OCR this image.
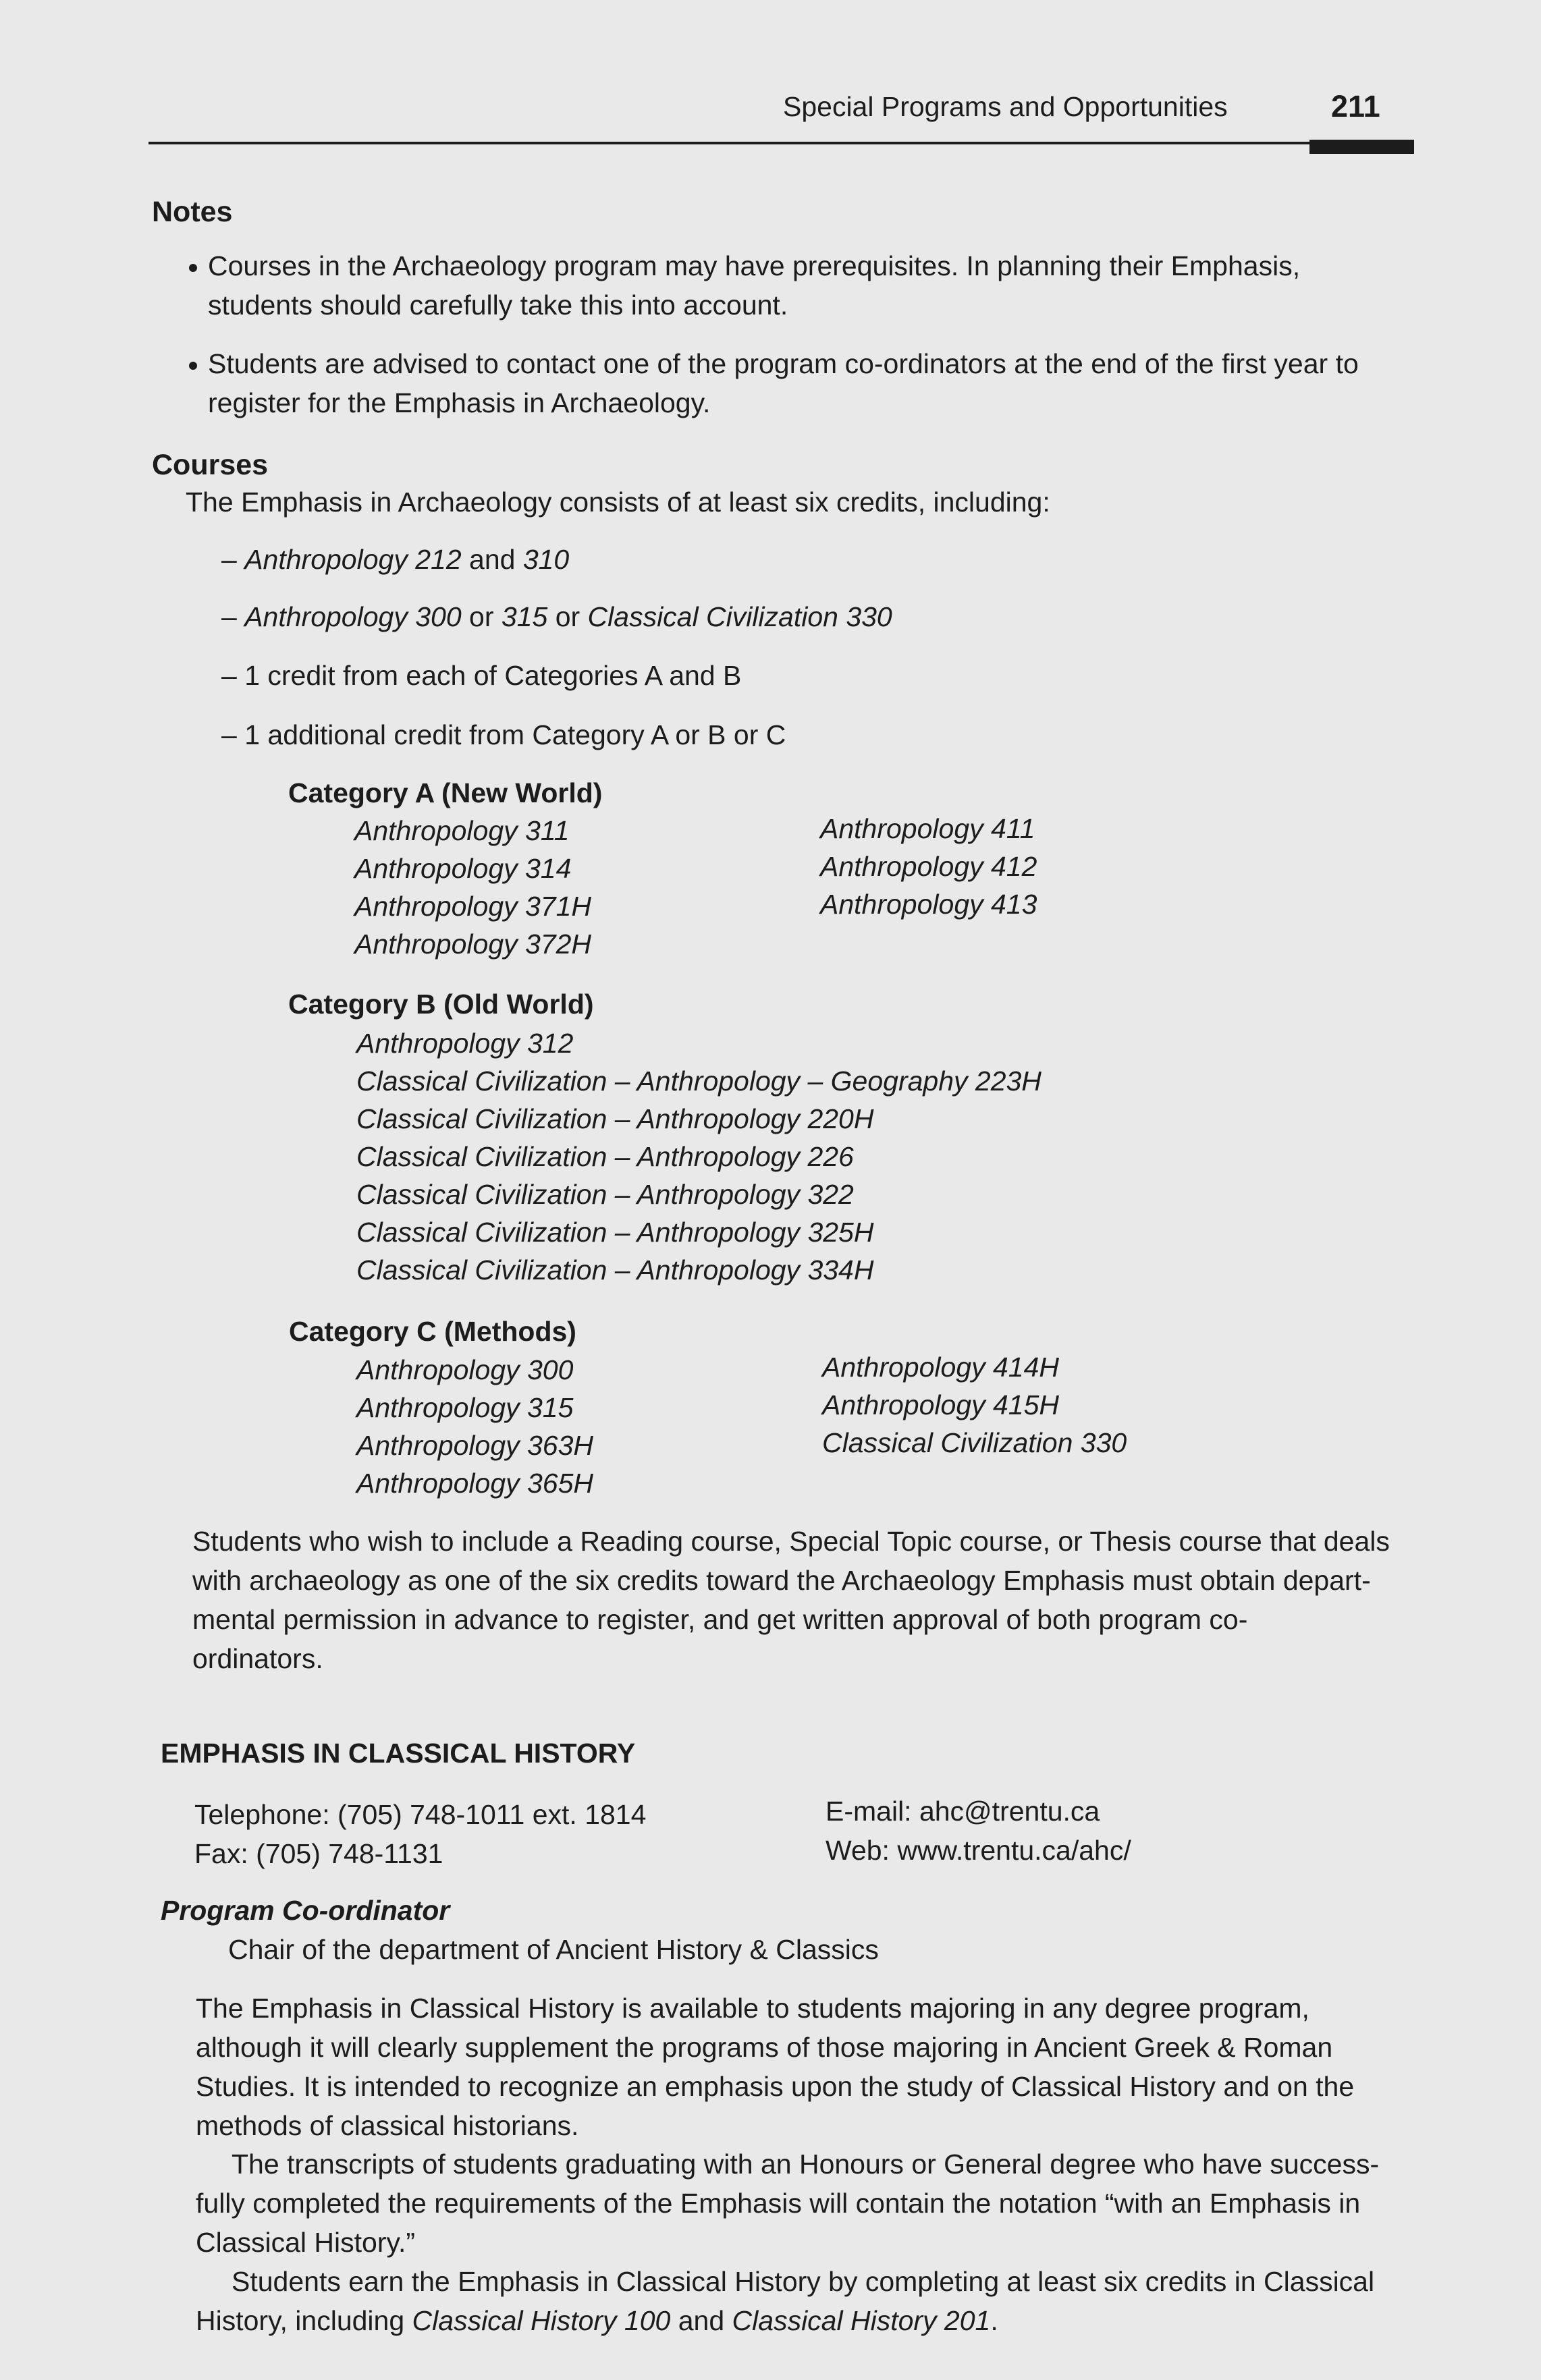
Special Programs and Opportunities	211
Notes
Courses in the Archaeology program may have prerequisites. In planning their Emphasis,
students should carefully take this into account.
Students are advised to contact one of the program co-ordinators at the end of the first year to
register for the Emphasis in Archaeology.
Courses
The Emphasis in Archaeology consists of at least six credits, including:
– Anthropology 212 and 310
– Anthropology 300 or 315 or Classical Civilization 330
– 1 credit from each of Categories A and B
– 1 additional credit from Category A or B or C
Category A (New World)
Anthropology 311
Anthropology 314
Anthropology 371H
Anthropology 372H
Anthropology 411
Anthropology 412
Anthropology 413
Category B (Old World)
Anthropology 312
Classical Civilization – Anthropology – Geography 223H
Classical Civilization – Anthropology 220H
Classical Civilization – Anthropology 226
Classical Civilization – Anthropology 322
Classical Civilization – Anthropology 325H
Classical Civilization – Anthropology 334H
Category C (Methods)
Anthropology 300
Anthropology 315
Anthropology 363H
Anthropology 365H
Anthropology 414H
Anthropology 415H
Classical Civilization 330
Students who wish to include a Reading course, Special Topic course, or Thesis course that deals
with archaeology as one of the six credits toward the Archaeology Emphasis must obtain depart-
mental permission in advance to register, and get written approval of both program co-
ordinators.
EMPHASIS IN CLASSICAL HISTORY
Telephone: (705) 748-1011 ext. 1814
Fax: (705) 748-1131
E-mail: ahc@trentu.ca
Web: www.trentu.ca/ahc/
Program Co-ordinator
Chair of the department of Ancient History & Classics
The Emphasis in Classical History is available to students majoring in any degree program,
although it will clearly supplement the programs of those majoring in Ancient Greek & Roman
Studies. It is intended to recognize an emphasis upon the study of Classical History and on the
methods of classical historians.
The transcripts of students graduating with an Honours or General degree who have success-
fully completed the requirements of the Emphasis will contain the notation “with an Emphasis in
Classical History.”
Students earn the Emphasis in Classical History by completing at least six credits in Classical
History, including Classical History 100 and Classical History 201.
